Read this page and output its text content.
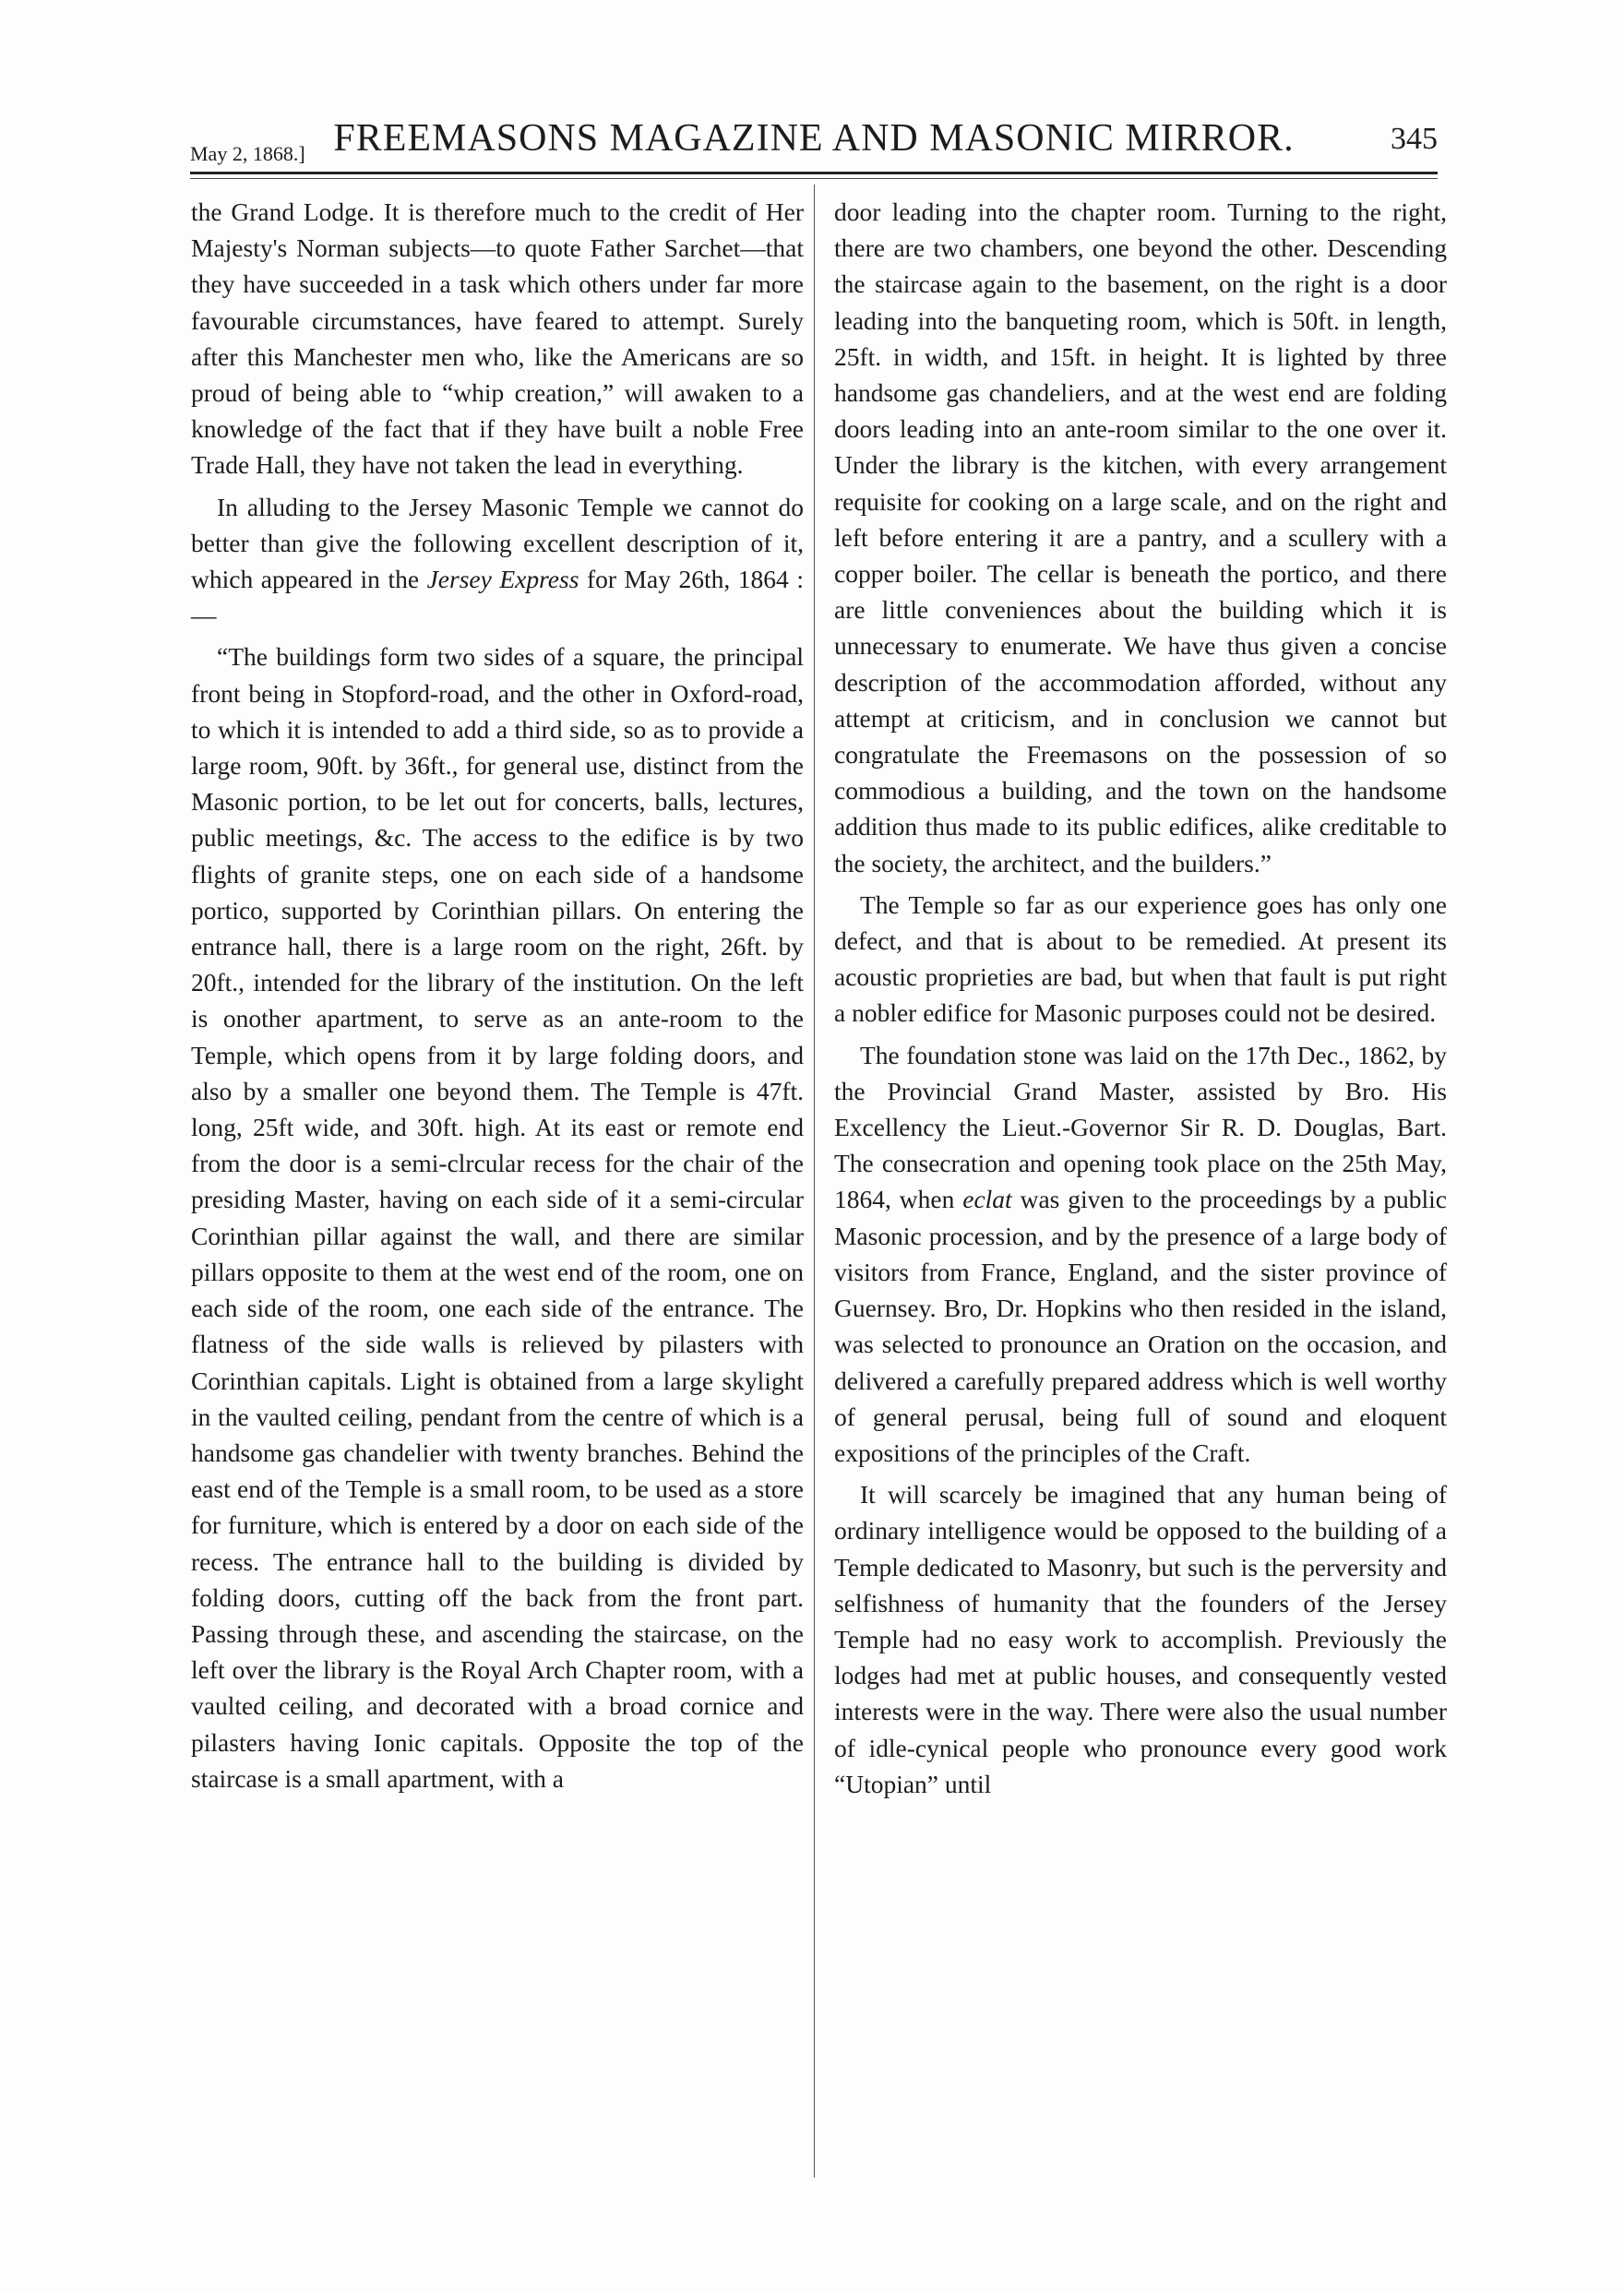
May 2, 1868.] FREEMASONS MAGAZINE AND MASONIC MIRROR.	345

the Grand Lodge. It is therefore much to the credit of Her Majesty's Norman subjects—to quote Father Sarchet—that they have succeeded in a task which others under far more favourable circumstances, have feared to attempt. Surely after this Manchester men who, like the Americans are so proud of being able to “whip creation,” will awaken to a knowledge of the fact that if they have built a noble Free Trade Hall, they have not taken the lead in everything.

In alluding to the Jersey Masonic Temple we cannot do better than give the following excellent description of it, which appeared in the Jersey Express for May 26th, 1864 :—

“The buildings form two sides of a square, the principal front being in Stopford-road, and the other in Oxford-road, to which it is intended to add a third side, so as to provide a large room, 90ft. by 36ft., for general use, distinct from the Masonic portion, to be let out for concerts, balls, lectures, public meetings, &c. The access to the edifice is by two flights of granite steps, one on each side of a handsome portico, supported by Corinthian pillars. On entering the entrance hall, there is a large room on the right, 26ft. by 20ft., intended for the library of the institution. On the left is onother apartment, to serve as an ante-room to the Temple, which opens from it by large folding doors, and also by a smaller one beyond them. The Temple is 47ft. long, 25ft wide, and 30ft. high. At its east or remote end from the door is a semi-clrcular recess for the chair of the presiding Master, having on each side of it a semi-circular Corinthian pillar against the wall, and there are similar pillars opposite to them at the west end of the room, one on each side of the room, one each side of the entrance. The flatness of the side walls is relieved by pilasters with Corinthian capitals. Light is obtained from a large skylight in the vaulted ceiling, pendant from the centre of which is a handsome gas chandelier with twenty branches. Behind the east end of the Temple is a small room, to be used as a store for furniture, which is entered by a door on each side of the recess. The entrance hall to the building is divided by folding doors, cutting off the back from the front part. Passing through these, and ascending the staircase, on the left over the library is the Royal Arch Chapter room, with a vaulted ceiling, and decorated with a broad cornice and pilasters having Ionic capitals. Opposite the top of the staircase is a small apartment, with a

door leading into the chapter room. Turning to the right, there are two chambers, one beyond the other. Descending the staircase again to the basement, on the right is a door leading into the banqueting room, which is 50ft. in length, 25ft. in width, and 15ft. in height. It is lighted by three handsome gas chandeliers, and at the west end are folding doors leading into an ante-room similar to the one over it. Under the library is the kitchen, with every arrangement requisite for cooking on a large scale, and on the right and left before entering it are a pantry, and a scullery with a copper boiler. The cellar is beneath the portico, and there are little conveniences about the building which it is unnecessary to enumerate. We have thus given a concise description of the accommodation afforded, without any attempt at criticism, and in conclusion we cannot but congratulate the Freemasons on the possession of so commodious a building, and the town on the handsome addition thus made to its public edifices, alike creditable to the society, the architect, and the builders.”

The Temple so far as our experience goes has only one defect, and that is about to be remedied. At present its acoustic proprieties are bad, but when that fault is put right a nobler edifice for Masonic purposes could not be desired.

The foundation stone was laid on the 17th Dec., 1862, by the Provincial Grand Master, assisted by Bro. His Excellency the Lieut.-Governor Sir R. D. Douglas, Bart. The consecration and opening took place on the 25th May, 1864, when eclat was given to the proceedings by a public Masonic procession, and by the presence of a large body of visitors from France, England, and the sister province of Guernsey. Bro, Dr. Hopkins who then resided in the island, was selected to pronounce an Oration on the occasion, and delivered a carefully prepared address which is well worthy of general perusal, being full of sound and eloquent expositions of the principles of the Craft.

It will scarcely be imagined that any human being of ordinary intelligence would be opposed to the building of a Temple dedicated to Masonry, but such is the perversity and selfishness of humanity that the founders of the Jersey Temple had no easy work to accomplish. Previously the lodges had met at public houses, and consequently vested interests were in the way. There were also the usual number of idle-cynical people who pronounce every good work “Utopian” until
